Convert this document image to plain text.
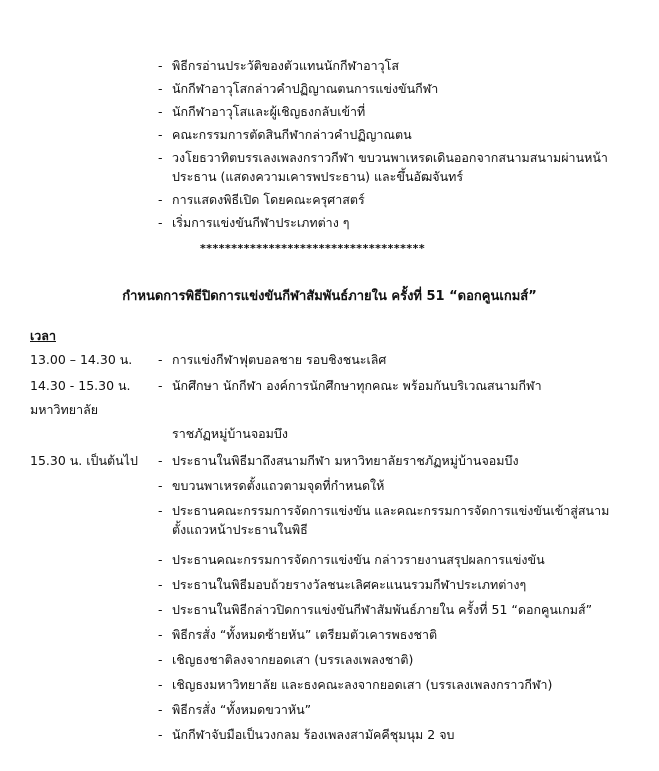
- พิธีกรอ่านประวัติของตัวแทนนักกีฬาอาวุโส
- นักกีฬาอาวุโสกล่าวคำปฏิญาณตนการแข่งขันกีฬา
- นักกีฬาอาวุโสและผู้เชิญธงกลับเข้าที่
- คณะกรรมการตัดสินกีฬากล่าวคำปฏิญาณตน
- วงโยธวาทิตบรรเลงเพลงกราวกีฬา ขบวนพาเหรดเดินออกจากสนามสนามผ่านหน้า
ประธาน (แสดงความเคารพประธาน) และขึ้นอัฒจันทร์
- การแสดงพิธีเปิด โดยคณะครุศาสตร์
- เริ่มการแข่งขันกีฬาประเภทต่าง ๆ
************************************
กำหนดการพิธีปิดการแข่งขันกีฬาสัมพันธ์ภายใน ครั้งที่ 51 “ดอกคูนเกมส์”
เวลา
13.00 – 14.30 น. - การแข่งกีฬาฟุตบอลชาย รอบชิงชนะเลิศ
14.30 - 15.30 น. - นักศึกษา นักกีฬา องค์การนักศึกษาทุกคณะ พร้อมกันบริเวณสนามกีฬา
มหาวิทยาลัย
ราชภัฏหมู่บ้านจอมบึง
15.30 น. เป็นต้นไป - ประธานในพิธีมาถึงสนามกีฬา มหาวิทยาลัยราชภัฏหมู่บ้านจอมบึง
- ขบวนพาเหรดตั้งแถวตามจุดที่กำหนดให้
- ประธานคณะกรรมการจัดการแข่งขัน และคณะกรรมการจัดการแข่งขันเข้าสู่สนาม
ตั้งแถวหน้าประธานในพิธี
- ประธานคณะกรรมการจัดการแข่งขัน กล่าวรายงานสรุปผลการแข่งขัน
- ประธานในพิธีมอบถ้วยรางวัลชนะเลิศคะแนนรวมกีฬาประเภทต่างๆ
- ประธานในพิธีกล่าวปิดการแข่งขันกีฬาสัมพันธ์ภายใน ครั้งที่ 51 “ดอกคูนเกมส์”
- พิธีกรสั่ง “ทั้งหมดซ้ายหัน” เตรียมตัวเคารพธงชาติ
- เชิญธงชาติลงจากยอดเสา (บรรเลงเพลงชาติ)
- เชิญธงมหาวิทยาลัย และธงคณะลงจากยอดเสา (บรรเลงเพลงกราวกีฬา)
- พิธีกรสั่ง “ทั้งหมดขวาหัน”
- นักกีฬาจับมือเป็นวงกลม ร้องเพลงสามัคคีชุมนุม 2 จบ
